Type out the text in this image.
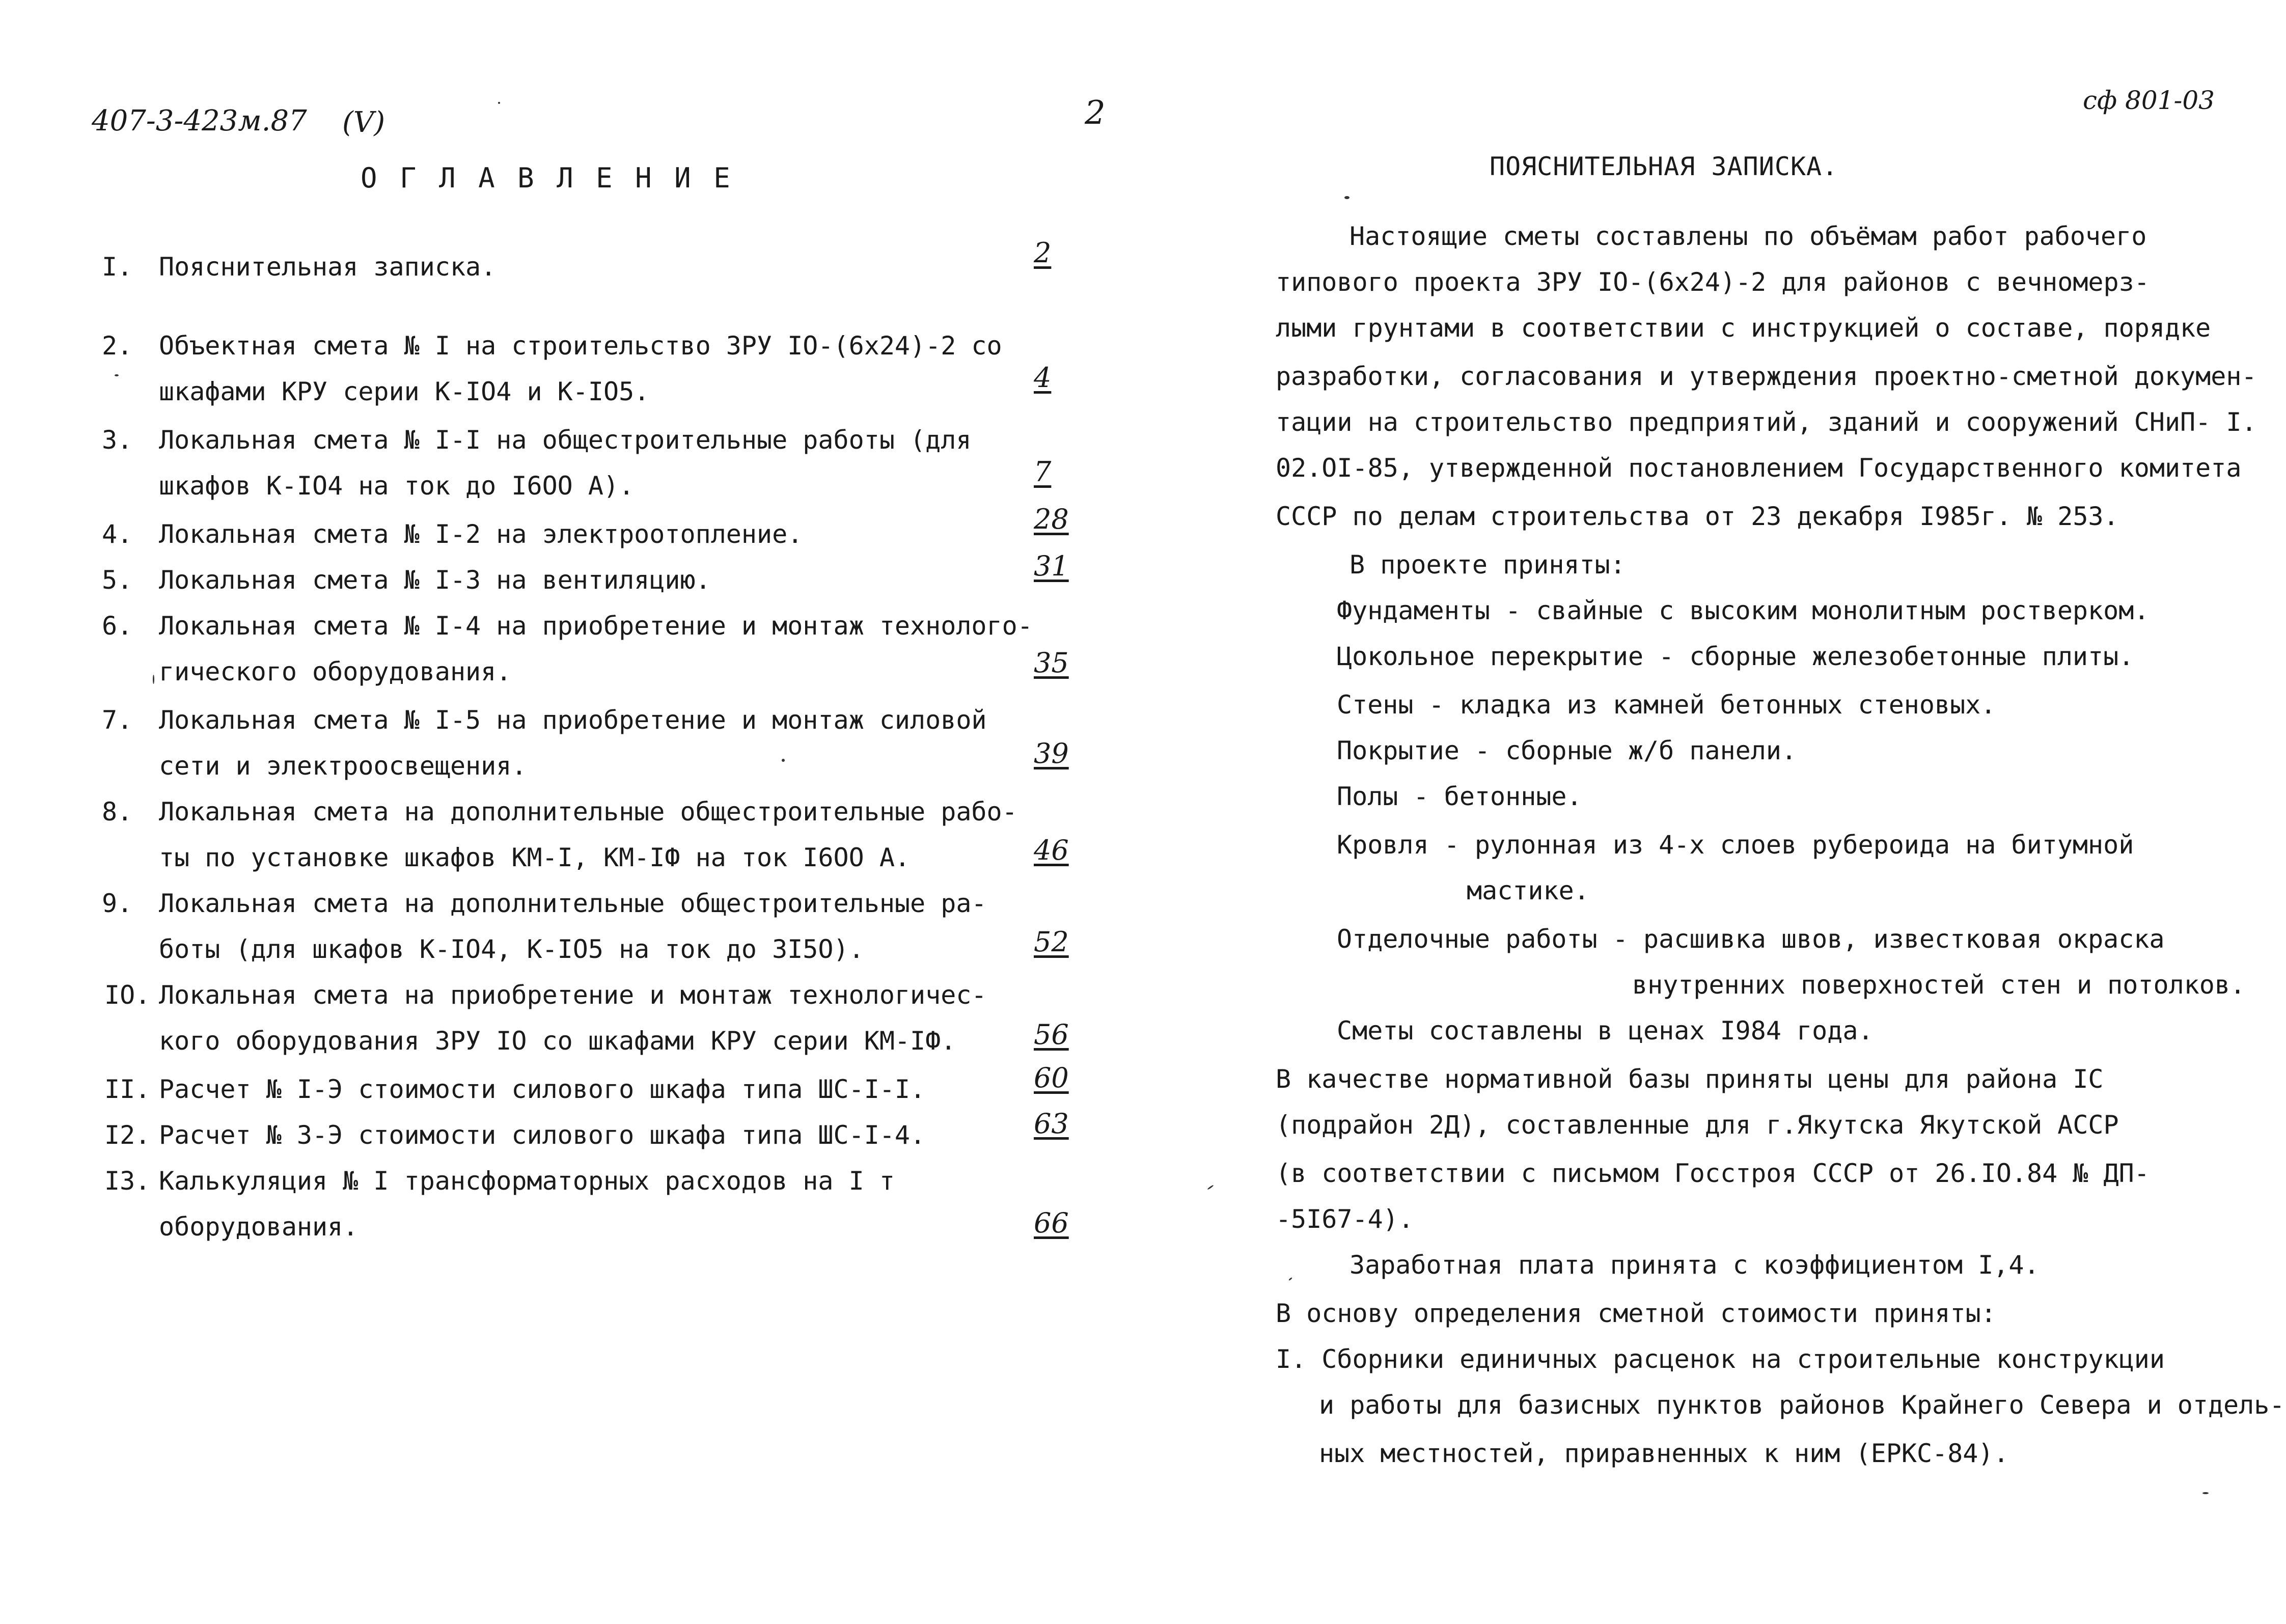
407-3-423м.87 (V)	2	сф 801-03
О Г Л А В Л Е Н И Е
I. Пояснительная записка.	2
2. Объектная смета № I на строительство ЗРУ IO-(6х24)-2 со
шкафами КРУ серии К-IO4 и К-IO5.	4
3. Локальная смета № I-I на общестроительные работы (для
шкафов К-IO4 на ток до I6OO А).	7
4. Локальная смета № I-2 на электроотопление.	28
5. Локальная смета № I-3 на вентиляцию.	31
6. Локальная смета № I-4 на приобретение и монтаж технолого-
гического оборудования.	35
7. Локальная смета № I-5 на приобретение и монтаж силовой
сети и электроосвещения.	39
8. Локальная смета на дополнительные общестроительные рабо-
ты по установке шкафов КМ-I, КМ-IФ на ток I6OO А.	46
9. Локальная смета на дополнительные общестроительные ра-
боты (для шкафов К-IO4, К-IO5 на ток до 3I5O).	52
IO. Локальная смета на приобретение и монтаж технологичес-
кого оборудования ЗРУ IO со шкафами КРУ серии КМ-IФ.	56
II. Расчет № I-Э стоимости силового шкафа типа ШС-I-I.	60
I2. Расчет № 3-Э стоимости силового шкафа типа ШС-I-4.	63
I3. Калькуляция № I трансформаторных расходов на I т
оборудования.	66
ПОЯСНИТЕЛЬНАЯ ЗАПИСКА.
Настоящие сметы составлены по объёмам работ рабочего
типового проекта ЗРУ IO-(6х24)-2 для районов с вечномерз-
лыми грунтами в соответствии с инструкцией о составе, порядке
разработки, согласования и утверждения проектно-сметной докумен-
тации на строительство предприятий, зданий и сооружений СНиП- I.
02.OI-85, утвержденной постановлением Государственного комитета
СССР по делам строительства от 23 декабря I985г. № 253.
В проекте приняты:
Фундаменты - свайные с высоким монолитным ростверком.
Цокольное перекрытие - сборные железобетонные плиты.
Стены - кладка из камней бетонных стеновых.
Покрытие - сборные ж/б панели.
Полы - бетонные.
Кровля - рулонная из 4-х слоев рубероида на битумной
мастике.
Отделочные работы - расшивка швов, известковая окраска
внутренних поверхностей стен и потолков.
Сметы составлены в ценах I984 года.
В качестве нормативной базы приняты цены для района IС
(подрайон 2Д), составленные для г.Якутска Якутской АССР
(в соответствии с письмом Госстроя СССР от 26.IO.84 № ДП-
-5I67-4).
Заработная плата принята с коэффициентом I,4.
В основу определения сметной стоимости приняты:
I. Сборники единичных расценок на строительные конструкции
и работы для базисных пунктов районов Крайнего Севера и отдель-
ных местностей, приравненных к ним (ЕРКС-84).
